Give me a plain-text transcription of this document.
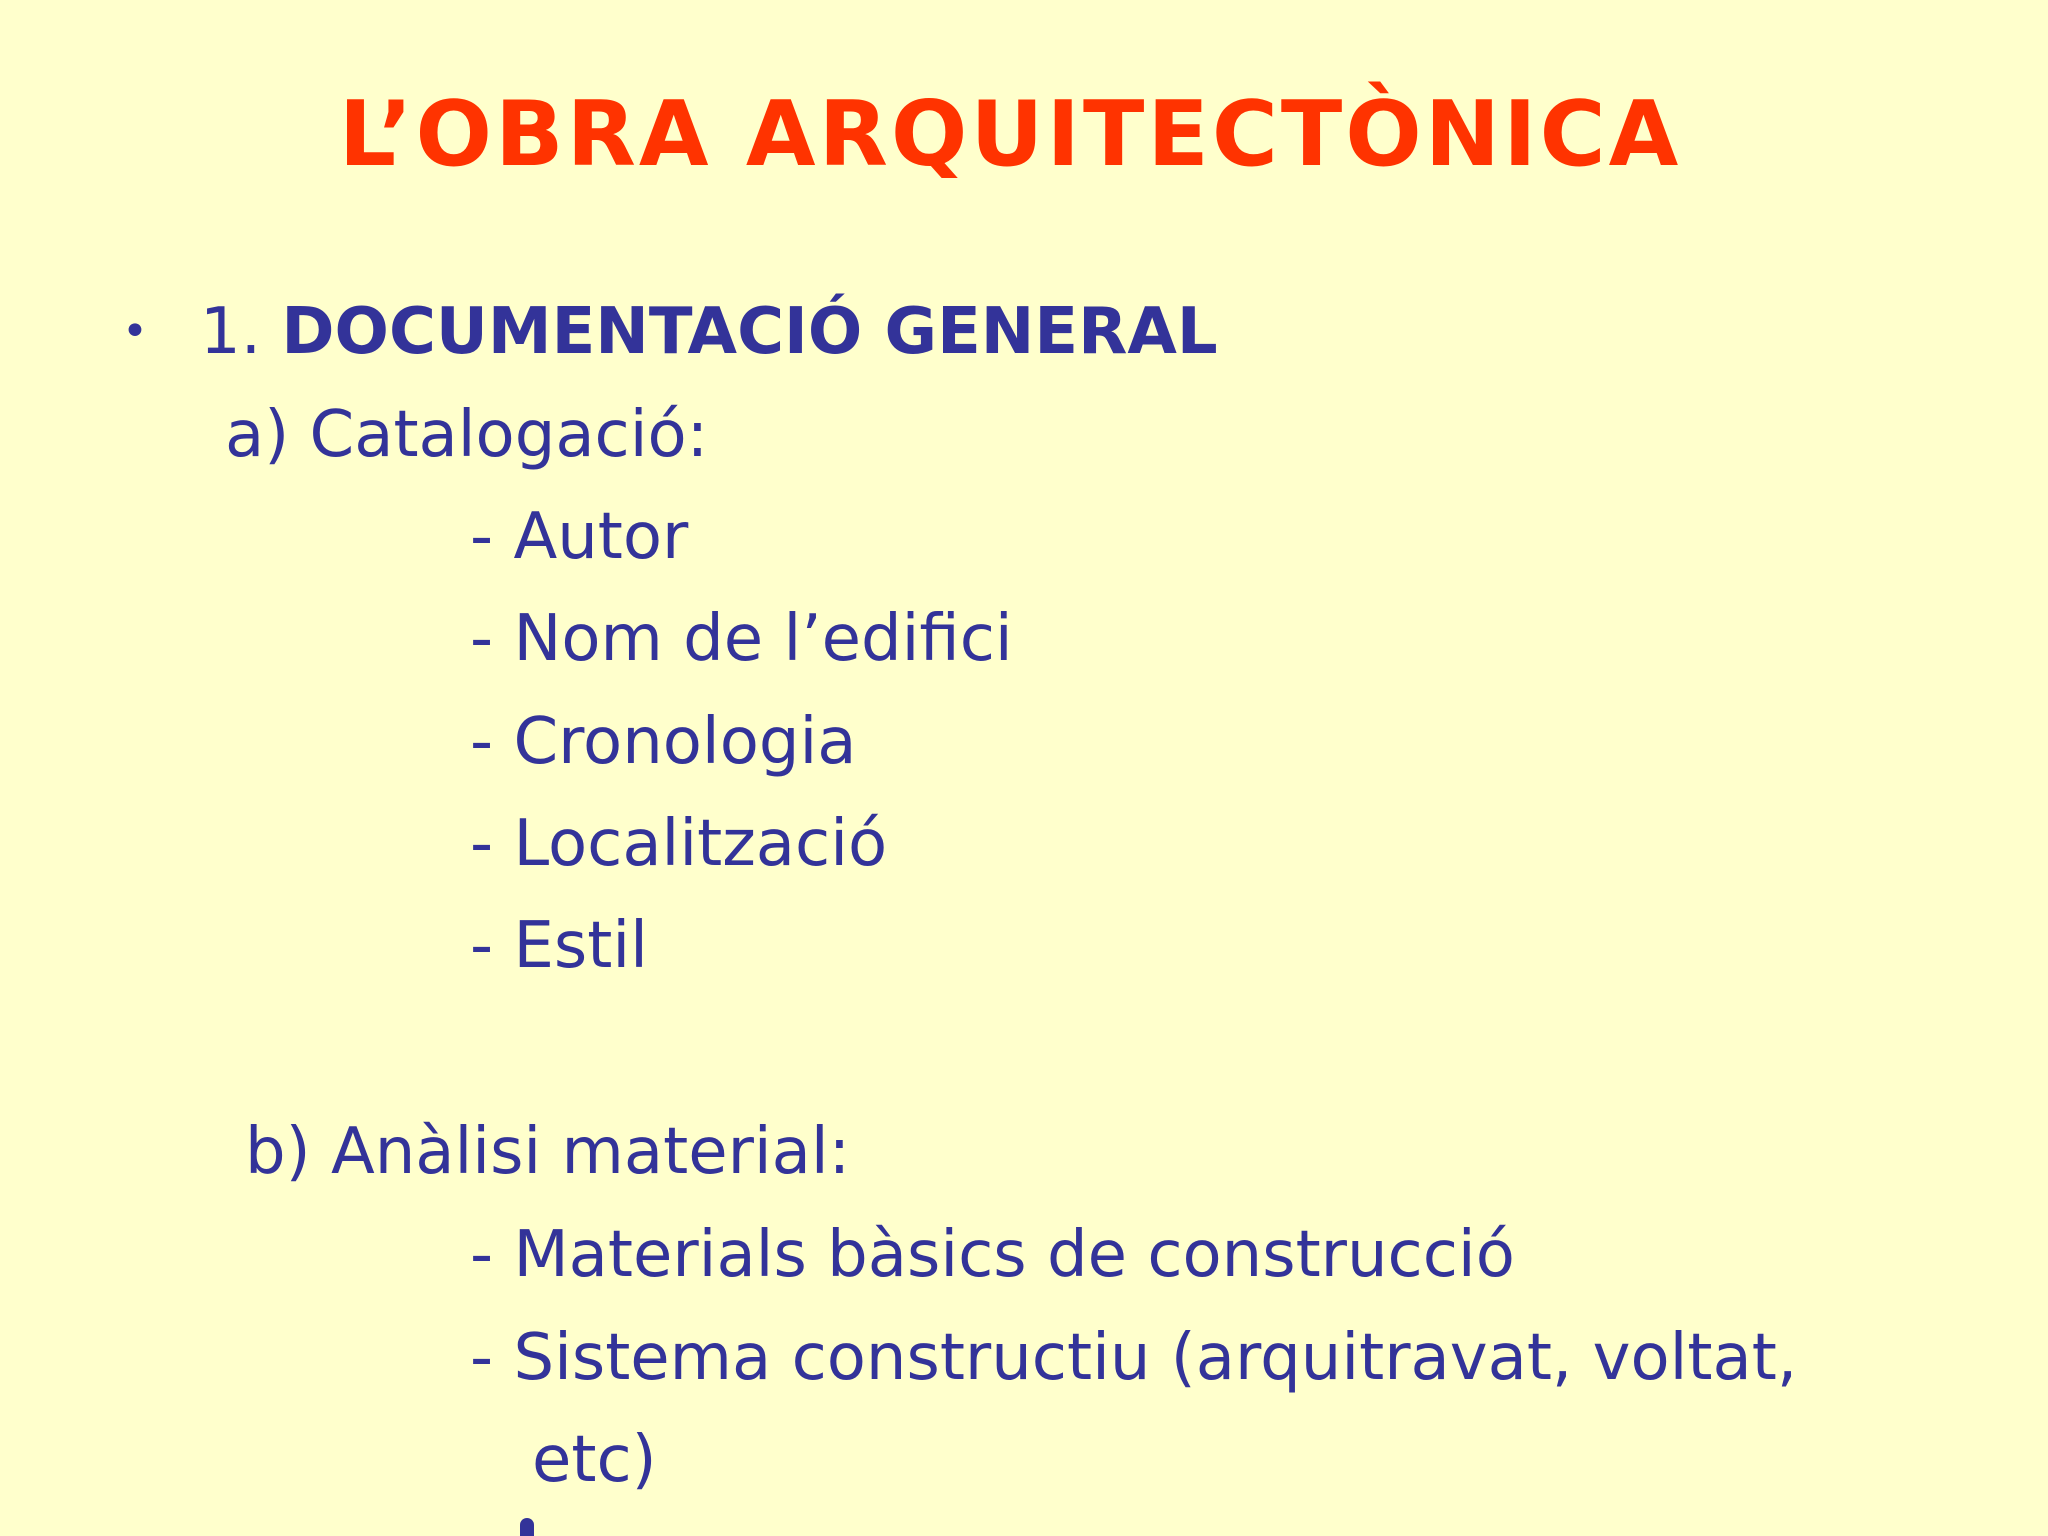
L’OBRA ARQUITECTÒNICA
• 1. DOCUMENTACIÓ GENERAL
a) Catalogació:
- Autor
- Nom de l’edifici
- Cronologia
- Localització
- Estil
b) Anàlisi material:
- Materials bàsics de construcció
- Sistema constructiu (arquitravat, voltat,
etc)
